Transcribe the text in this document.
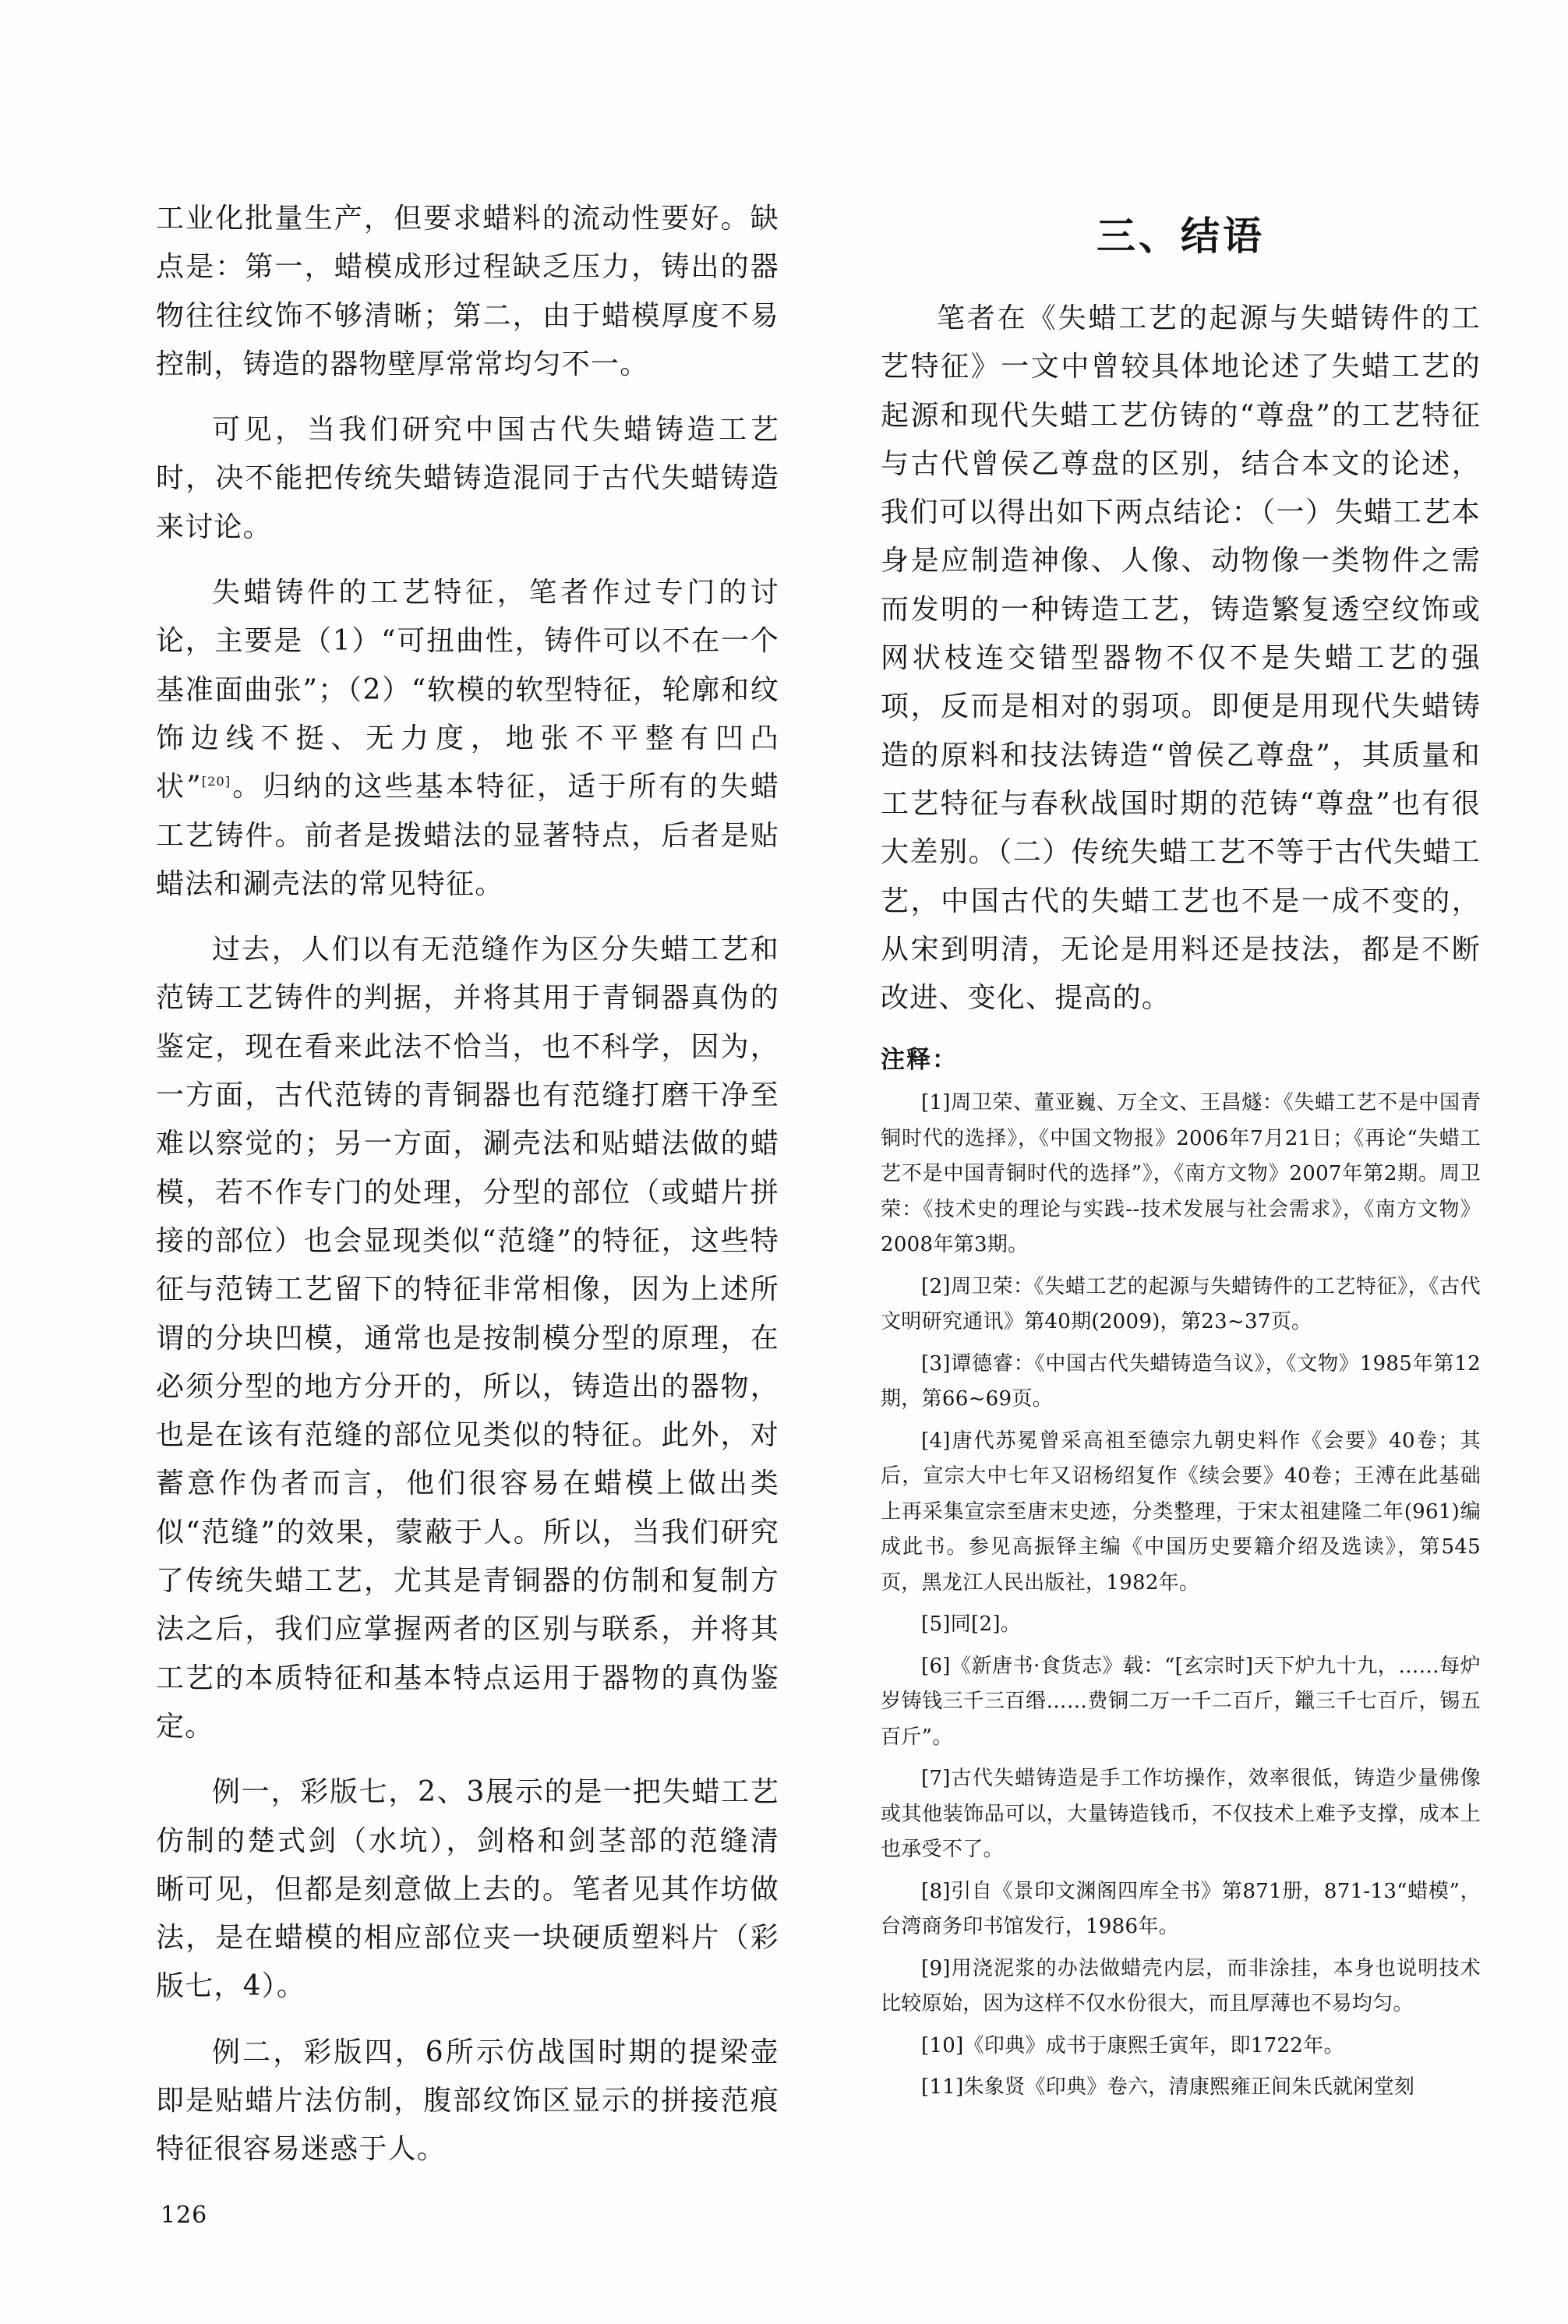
工业化批量生产，但要求蜡料的流动性要好。缺点是：第一，蜡模成形过程缺乏压力，铸出的器物往往纹饰不够清晰；第二，由于蜡模厚度不易控制，铸造的器物壁厚常常均匀不一。

可见，当我们研究中国古代失蜡铸造工艺时，决不能把传统失蜡铸造混同于古代失蜡铸造来讨论。

失蜡铸件的工艺特征，笔者作过专门的讨论，主要是（1）“可扭曲性，铸件可以不在一个基准面曲张”；（2）“软模的软型特征，轮廓和纹饰边线不挺、无力度，地张不平整有凹凸状”[20]。归纳的这些基本特征，适于所有的失蜡工艺铸件。前者是拨蜡法的显著特点，后者是贴蜡法和涮壳法的常见特征。

过去，人们以有无范缝作为区分失蜡工艺和范铸工艺铸件的判据，并将其用于青铜器真伪的鉴定，现在看来此法不恰当，也不科学，因为，一方面，古代范铸的青铜器也有范缝打磨干净至难以察觉的；另一方面，涮壳法和贴蜡法做的蜡模，若不作专门的处理，分型的部位（或蜡片拼接的部位）也会显现类似“范缝”的特征，这些特征与范铸工艺留下的特征非常相像，因为上述所谓的分块凹模，通常也是按制模分型的原理，在必须分型的地方分开的，所以，铸造出的器物，也是在该有范缝的部位见类似的特征。此外，对蓄意作伪者而言，他们很容易在蜡模上做出类似“范缝”的效果，蒙蔽于人。所以，当我们研究了传统失蜡工艺，尤其是青铜器的仿制和复制方法之后，我们应掌握两者的区别与联系，并将其工艺的本质特征和基本特点运用于器物的真伪鉴定。

例一，彩版七，2、3展示的是一把失蜡工艺仿制的楚式剑（水坑），剑格和剑茎部的范缝清晰可见，但都是刻意做上去的。笔者见其作坊做法，是在蜡模的相应部位夹一块硬质塑料片（彩版七，4）。

例二，彩版四，6所示仿战国时期的提梁壶即是贴蜡片法仿制，腹部纹饰区显示的拼接范痕特征很容易迷惑于人。

三、结语

笔者在《失蜡工艺的起源与失蜡铸件的工艺特征》一文中曾较具体地论述了失蜡工艺的起源和现代失蜡工艺仿铸的“尊盘”的工艺特征与古代曾侯乙尊盘的区别，结合本文的论述，我们可以得出如下两点结论：（一）失蜡工艺本身是应制造神像、人像、动物像一类物件之需而发明的一种铸造工艺，铸造繁复透空纹饰或网状枝连交错型器物不仅不是失蜡工艺的强项，反而是相对的弱项。即便是用现代失蜡铸造的原料和技法铸造“曾侯乙尊盘”，其质量和工艺特征与春秋战国时期的范铸“尊盘”也有很大差别。（二）传统失蜡工艺不等于古代失蜡工艺，中国古代的失蜡工艺也不是一成不变的，从宋到明清，无论是用料还是技法，都是不断改进、变化、提高的。

注释：

[1]周卫荣、董亚巍、万全文、王昌燧：《失蜡工艺不是中国青铜时代的选择》，《中国文物报》2006年7月21日；《再论“失蜡工艺不是中国青铜时代的选择”》，《南方文物》2007年第2期。周卫荣：《技术史的理论与实践--技术发展与社会需求》，《南方文物》2008年第3期。

[2]周卫荣：《失蜡工艺的起源与失蜡铸件的工艺特征》，《古代文明研究通讯》第40期(2009)，第23~37页。

[3]谭德睿：《中国古代失蜡铸造刍议》，《文物》1985年第12期，第66~69页。

[4]唐代苏冕曾采高祖至德宗九朝史料作《会要》40卷；其后，宣宗大中七年又诏杨绍复作《续会要》40卷；王溥在此基础上再采集宣宗至唐末史迹，分类整理，于宋太祖建隆二年(961)编成此书。参见高振铎主编《中国历史要籍介绍及选读》，第545页，黑龙江人民出版社，1982年。

[5]同[2]。

[6]《新唐书·食货志》载：“[玄宗时]天下炉九十九，……每炉岁铸钱三千三百缗……费铜二万一千二百斤，鑞三千七百斤，锡五百斤”。

[7]古代失蜡铸造是手工作坊操作，效率很低，铸造少量佛像或其他装饰品可以，大量铸造钱币，不仅技术上难予支撑，成本上也承受不了。

[8]引自《景印文渊阁四库全书》第871册，871-13“蜡模”，台湾商务印书馆发行，1986年。

[9]用浇泥浆的办法做蜡壳内层，而非涂挂，本身也说明技术比较原始，因为这样不仅水份很大，而且厚薄也不易均匀。

[10]《印典》成书于康熙壬寅年，即1722年。

[11]朱象贤《印典》卷六，清康熙雍正间朱氏就闲堂刻

126
